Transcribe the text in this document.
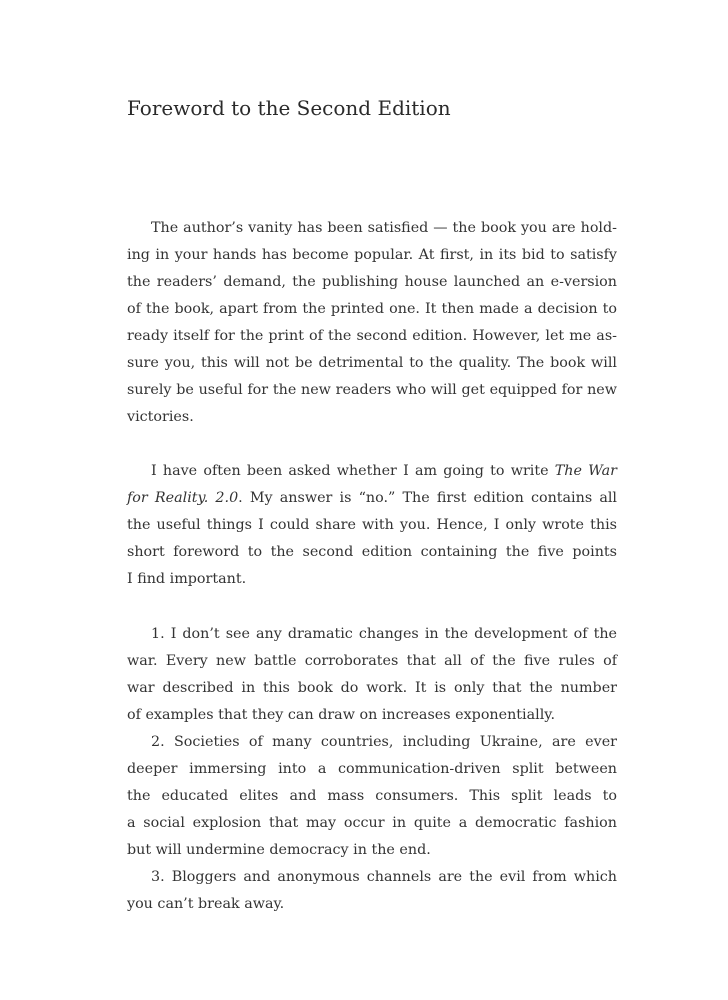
Foreword to the Second Edition
The author’s vanity has been satisfied — the book you are hold-
ing in your hands has become popular. At first, in its bid to satisfy
the readers’ demand, the publishing house launched an e-version
of the book, apart from the printed one. It then made a decision to
ready itself for the print of the second edition. However, let me as-
sure you, this will not be detrimental to the quality. The book will
surely be useful for the new readers who will get equipped for new
victories.
I have often been asked whether I am going to write The War
for Reality. 2.0. My answer is “no.” The first edition contains all
the useful things I could share with you. Hence, I only wrote this
short foreword to the second edition containing the five points
I find important.
1. I don’t see any dramatic changes in the development of the
war. Every new battle corroborates that all of the five rules of
war described in this book do work. It is only that the number
of examples that they can draw on increases exponentially.
2. Societies of many countries, including Ukraine, are ever
deeper immersing into a communication-driven split between
the educated elites and mass consumers. This split leads to
a social explosion that may occur in quite a democratic fashion
but will undermine democracy in the end.
3. Bloggers and anonymous channels are the evil from which
you can’t break away.
